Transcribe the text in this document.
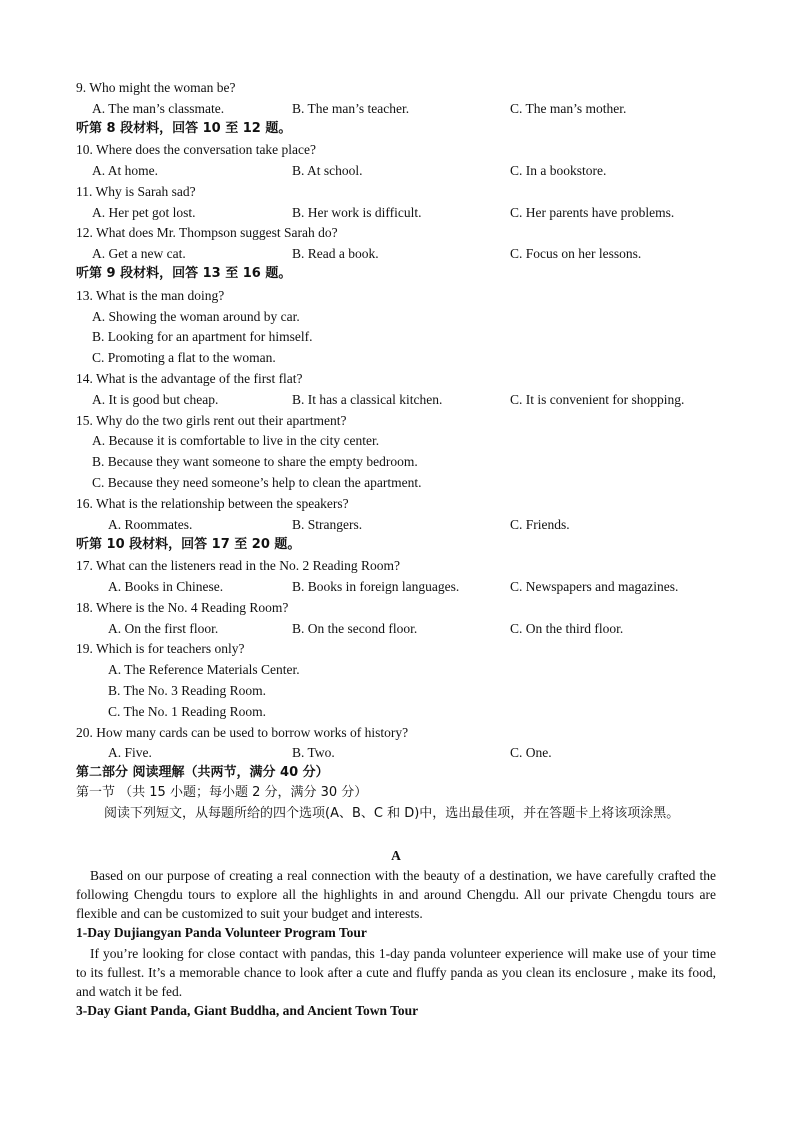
9. Who might the woman be?
A. The man’s classmate.	B. The man’s teacher.	C. The man’s mother.
听第 8 段材料，回答 10 至 12 题。
10. Where does the conversation take place?
A. At home.	B. At school.	C. In a bookstore.
11. Why is Sarah sad?
A. Her pet got lost.	B. Her work is difficult.	C. Her parents have problems.
12. What does Mr. Thompson suggest Sarah do?
A. Get a new cat.	B. Read a book.	C. Focus on her lessons.
听第 9 段材料，回答 13 至 16 题。
13. What is the man doing?
A. Showing the woman around by car.
B. Looking for an apartment for himself.
C. Promoting a flat to the woman.
14. What is the advantage of the first flat?
A. It is good but cheap.	B. It has a classical kitchen.	C. It is convenient for shopping.
15. Why do the two girls rent out their apartment?
A. Because it is comfortable to live in the city center.
B. Because they want someone to share the empty bedroom.
C. Because they need someone’s help to clean the apartment.
16. What is the relationship between the speakers?
A. Roommates.	B. Strangers.	C. Friends.
听第 10 段材料，回答 17 至 20 题。
17. What can the listeners read in the No. 2 Reading Room?
A. Books in Chinese.	B. Books in foreign languages.	C. Newspapers and magazines.
18. Where is the No. 4 Reading Room?
A. On the first floor.	B. On the second floor.	C. On the third floor.
19. Which is for teachers only?
A. The Reference Materials Center.
B. The No. 3 Reading Room.
C. The No. 1 Reading Room.
20. How many cards can be used to borrow works of history?
A. Five.	B. Two.	C. One.
第二部分 阅读理解（共两节，满分 40 分）
第一节 （共 15 小题；每小题 2 分，满分 30 分）
阅读下列短文，从每题所给的四个选项(A、B、C 和 D)中，选出最佳项，并在答题卡上将该项涂黑。
A
Based on our purpose of creating a real connection with the beauty of a destination, we have carefully crafted the following Chengdu tours to explore all the highlights in and around Chengdu. All our private Chengdu tours are flexible and can be customized to suit your budget and interests.
1-Day Dujiangyan Panda Volunteer Program Tour
If you’re looking for close contact with pandas, this 1-day panda volunteer experience will make use of your time to its fullest. It’s a memorable chance to look after a cute and fluffy panda as you clean its enclosure , make its food, and watch it be fed.
3-Day Giant Panda, Giant Buddha, and Ancient Town Tour
